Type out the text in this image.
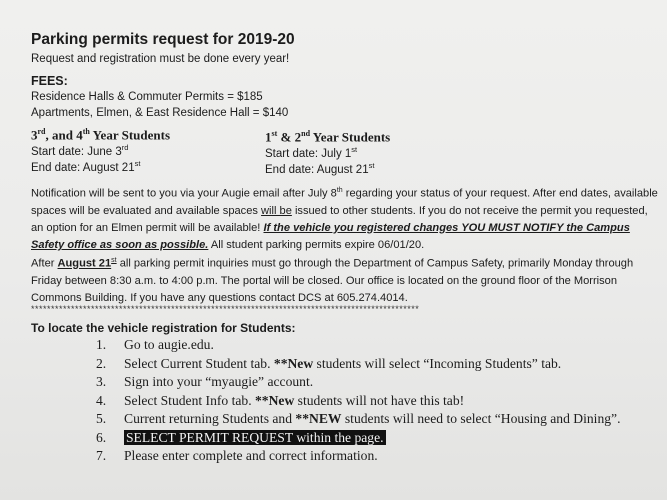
Parking permits request for 2019-20
Request and registration must be done every year!
FEES:
Residence Halls & Commuter Permits = $185
Apartments, Elmen, & East Residence Hall = $140
3rd, and 4th Year Students
Start date: June 3rd
End date: August 21st
1st & 2nd Year Students
Start date: July 1st
End date: August 21st
Notification will be sent to you via your Augie email after July 8th regarding your status of your request. After end dates, available spaces will be evaluated and available spaces will be issued to other students. If you do not receive the permit you requested, an option for an Elmen permit will be available! If the vehicle you registered changes YOU MUST NOTIFY the Campus Safety office as soon as possible. All student parking permits expire 06/01/20.
After August 21st all parking permit inquiries must go through the Department of Campus Safety, primarily Monday through Friday between 8:30 a.m. to 4:00 p.m. The portal will be closed. Our office is located on the ground floor of the Morrison Commons Building. If you have any questions contact DCS at 605.274.4014.
*************************************************************************************************
To locate the vehicle registration for Students:
1. Go to augie.edu.
2. Select Current Student tab. **New students will select “Incoming Students” tab.
3. Sign into your “myaugie” account.
4. Select Student Info tab. **New students will not have this tab!
5. Current returning Students and **NEW students will need to select “Housing and Dining”.
6. SELECT PERMIT REQUEST within the page.
7. Please enter complete and correct information.
